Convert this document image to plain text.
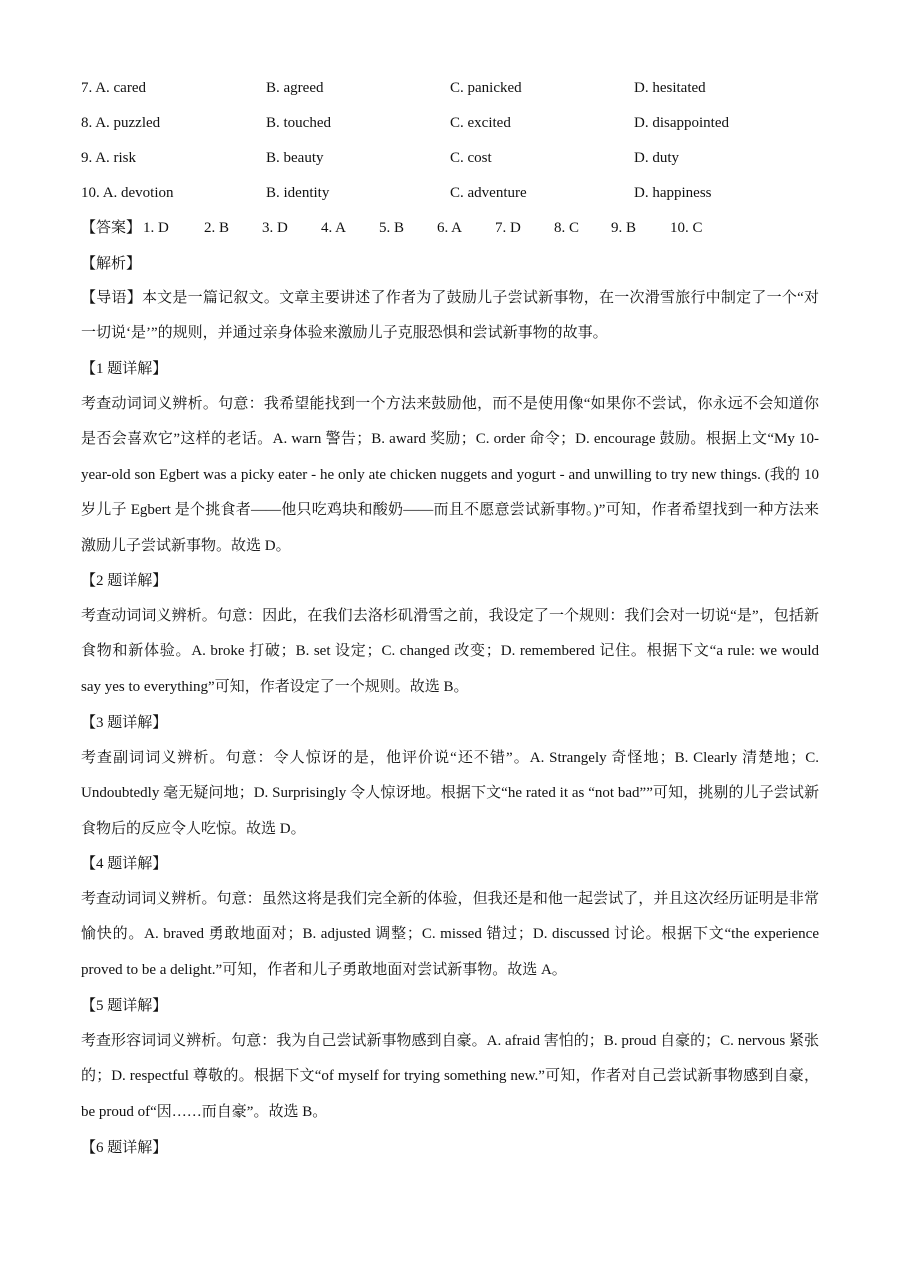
7. A. cared	B. agreed	C. panicked	D. hesitated
8. A. puzzled	B. touched	C. excited	D. disappointed
9. A. risk	B. beauty	C. cost	D. duty
10. A. devotion	B. identity	C. adventure	D. happiness
【答案】 1. D 2. B 3. D 4. A 5. B 6. A 7. D 8. C 9. B 10. C
【解析】
【导语】本文是一篇记叙文。文章主要讲述了作者为了鼓励儿子尝试新事物，在一次滑雪旅行中制定了一个“对一切说‘是’”的规则，并通过亲身体验来激励儿子克服恐惧和尝试新事物的故事。
【1 题详解】
考查动词词义辨析。句意：我希望能找到一个方法来鼓励他，而不是使用像“如果你不尝试，你永远不会知道你是否会喜欢它”这样的老话。A. warn 警告；B. award 奖励；C. order 命令；D. encourage 鼓励。根据上文“My 10-year-old son Egbert was a picky eater - he only ate chicken nuggets and yogurt - and unwilling to try new things. (我的 10 岁儿子 Egbert 是个挑食者——他只吃鸡块和酸奶——而且不愿意尝试新事物。)”可知，作者希望找到一种方法来激励儿子尝试新事物。故选 D。
【2 题详解】
考查动词词义辨析。句意：因此，在我们去洛杉矶滑雪之前，我设定了一个规则：我们会对一切说“是”，包括新食物和新体验。A. broke 打破；B. set 设定；C. changed 改变；D. remembered 记住。根据下文“a rule: we would say yes to everything”可知，作者设定了一个规则。故选 B。
【3 题详解】
考查副词词义辨析。句意：令人惊讶的是，他评价说“还不错”。A. Strangely 奇怪地；B. Clearly 清楚地；C. Undoubtedly 毫无疑问地；D. Surprisingly 令人惊讶地。根据下文“he rated it as “not bad””可知，挑剔的儿子尝试新食物后的反应令人吃惊。故选 D。
【4 题详解】
考查动词词义辨析。句意：虽然这将是我们完全新的体验，但我还是和他一起尝试了，并且这次经历证明是非常愉快的。A. braved 勇敢地面对；B. adjusted 调整；C. missed 错过；D. discussed 讨论。根据下文“the experience proved to be a delight.”可知，作者和儿子勇敢地面对尝试新事物。故选 A。
【5 题详解】
考查形容词词义辨析。句意：我为自己尝试新事物感到自豪。A. afraid 害怕的；B. proud 自豪的；C. nervous 紧张的；D. respectful 尊敬的。根据下文“of myself for trying something new.”可知，作者对自己尝试新事物感到自豪，be proud of“因……而自豪”。故选 B。
【6 题详解】
